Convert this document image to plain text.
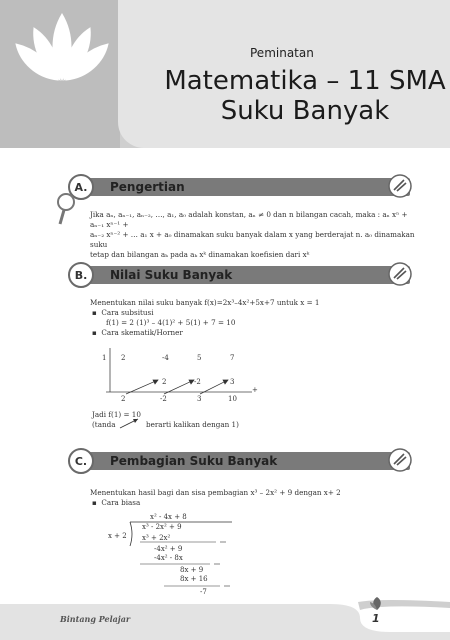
Peminatan
Matematika – 11 SMA
Suku Banyak
A.	Pengertian
Jika aₙ, aₙ₋₁, aₙ₋₂, …, a₁, a₀ adalah konstan, aₙ ≠ 0 dan n bilangan cacah, maka : aₙ xⁿ + aₙ₋₁ xⁿ⁻¹ +
aₙ₋₂ xⁿ⁻² + … a₁ x + a₀ dinamakan suku banyak dalam x yang berderajat n. a₀ dinamakan suku
tetap dan bilangan aₖ pada aₖ xᵏ dinamakan koefisien dari xᵏ
B.	Nilai Suku Banyak
Menentukan nilai suku banyak f(x)=2x³–4x²+5x+7 untuk x = 1
▪ Cara subsitusi
f(1) = 2 (1)³ – 4(1)² + 5(1) + 7 = 10
▪ Cara skematik/Horner
1 2	-4	5	7
2	-2	3
+
2	-2	3	10
Jadi f(1) = 10
(tanda	berarti kalikan dengan 1)
C.	Pembagian Suku Banyak
Menentukan hasil bagi dan sisa pembagian x³ – 2x² + 9 dengan x+ 2
▪ Cara biasa
x² - 4x + 8
x + 2
x³ - 2x² + 9
x³ + 2x²
-4x² + 9
-4x² - 8x
8x + 9
8x + 16
-7
Bintang Pelajar	1
